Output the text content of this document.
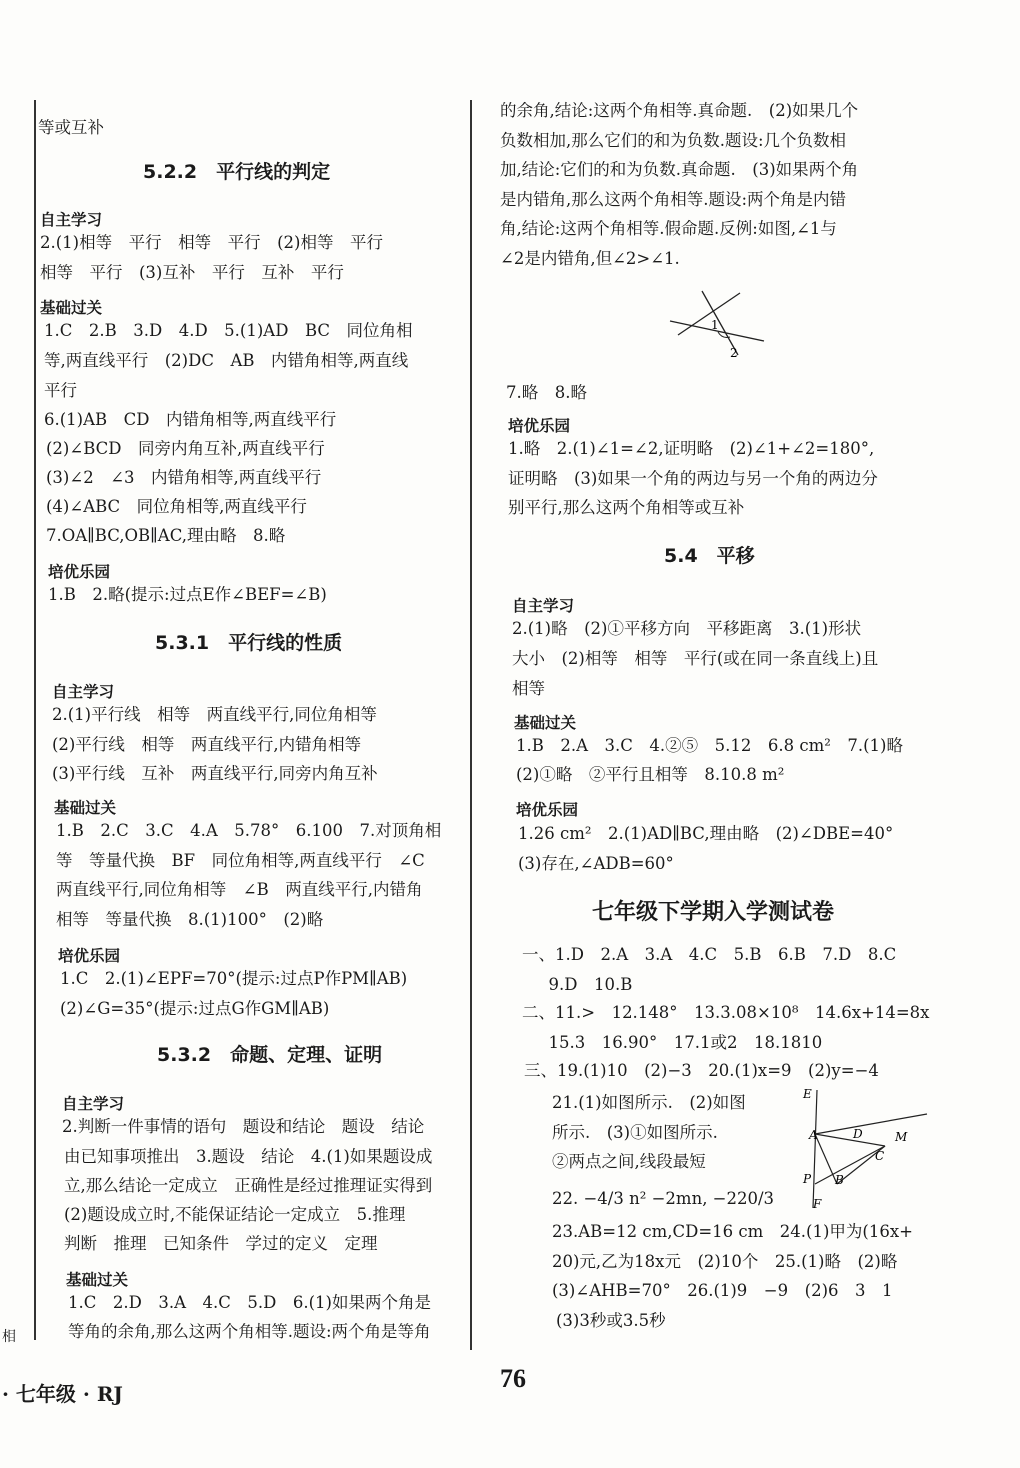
等或互补
5.2.2　平行线的判定
自主学习
2.(1)相等　平行　相等　平行　(2)相等　平行
相等　平行　(3)互补　平行　互补　平行
基础过关
1.C　2.B　3.D　4.D　5.(1)AD　BC　同位角相
等,两直线平行　(2)DC　AB　内错角相等,两直线
平行
6.(1)AB　CD　内错角相等,两直线平行
(2)∠BCD　同旁内角互补,两直线平行
(3)∠2　∠3　内错角相等,两直线平行
(4)∠ABC　同位角相等,两直线平行
7.OA∥BC,OB∥AC,理由略　8.略
培优乐园
1.B　2.略(提示:过点E作∠BEF=∠B)
5.3.1　平行线的性质
自主学习
2.(1)平行线　相等　两直线平行,同位角相等
(2)平行线　相等　两直线平行,内错角相等
(3)平行线　互补　两直线平行,同旁内角互补
基础过关
1.B　2.C　3.C　4.A　5.78°　6.100　7.对顶角相
等　等量代换　BF　同位角相等,两直线平行　∠C
两直线平行,同位角相等　∠B　两直线平行,内错角
相等　等量代换　8.(1)100°　(2)略
培优乐园
1.C　2.(1)∠EPF=70°(提示:过点P作PM∥AB)
(2)∠G=35°(提示:过点G作GM∥AB)
5.3.2　命题、定理、证明
自主学习
2.判断一件事情的语句　题设和结论　题设　结论
由已知事项推出　3.题设　结论　4.(1)如果题设成
立,那么结论一定成立　正确性是经过推理证实得到
(2)题设成立时,不能保证结论一定成立　5.推理
判断　推理　已知条件　学过的定义　定理
基础过关
1.C　2.D　3.A　4.C　5.D　6.(1)如果两个角是
等角的余角,那么这两个角相等.题设:两个角是等角
相
的余角,结论:这两个角相等.真命题.　(2)如果几个
负数相加,那么它们的和为负数.题设:几个负数相
加,结论:它们的和为负数.真命题.　(3)如果两个角
是内错角,那么这两个角相等.题设:两个角是内错
角,结论:这两个角相等.假命题.反例:如图,∠1与
∠2是内错角,但∠2>∠1.
1
2
7.略　8.略
培优乐园
1.略　2.(1)∠1=∠2,证明略　(2)∠1+∠2=180°,
证明略　(3)如果一个角的两边与另一个角的两边分
别平行,那么这两个角相等或互补
5.4　平移
自主学习
2.(1)略　(2)①平移方向　平移距离　3.(1)形状
大小　(2)相等　相等　平行(或在同一条直线上)且
相等
基础过关
1.B　2.A　3.C　4.②⑤　5.12　6.8 cm²　7.(1)略
(2)①略　②平行且相等　8.10.8 m²
培优乐园
1.26 cm²　2.(1)AD∥BC,理由略　(2)∠DBE=40°
(3)存在,∠ADB=60°
七年级下学期入学测试卷
一、1.D　2.A　3.A　4.C　5.B　6.B　7.D　8.C
　9.D　10.B
二、11.>　12.148°　13.3.08×10⁸　14.6x+14=8x
　15.3　16.90°　17.1或2　18.1810
三、19.(1)10　(2)−3　20.(1)x=9　(2)y=−4
21.(1)如图所示.　(2)如图
所示.　(3)①如图所示.
②两点之间,线段最短
E
A	D
C
M
P B
F
22. −4/3 n² −2mn, −220/3
23.AB=12 cm,CD=16 cm　24.(1)甲为(16x+
20)元,乙为18x元　(2)10个　25.(1)略　(2)略
(3)∠AHB=70°　26.(1)9　−9　(2)6　3　1
(3)3秒或3.5秒
76
· 七年级 · RJ
